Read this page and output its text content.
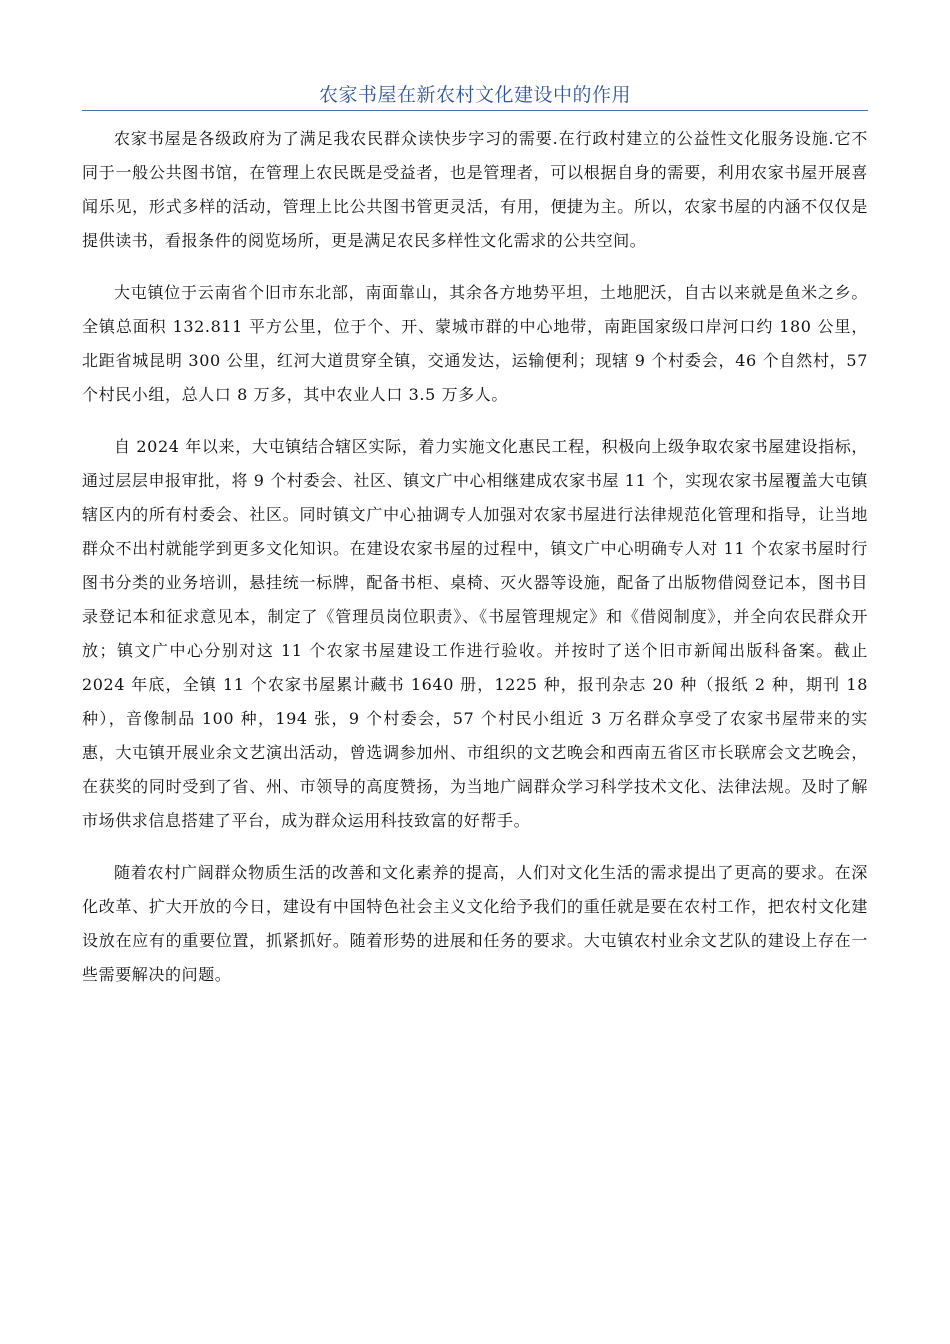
农家书屋在新农村文化建设中的作用

农家书屋是各级政府为了满足我农民群众读快步字习的需要.在行政村建立的公益性文化服务设施.它不同于一般公共图书馆，在管理上农民既是受益者，也是管理者，可以根据自身的需要，利用农家书屋开展喜闻乐见，形式多样的活动，管理上比公共图书管更灵活，有用，便捷为主。所以，农家书屋的内涵不仅仅是提供读书，看报条件的阅览场所，更是满足农民多样性文化需求的公共空间。

大屯镇位于云南省个旧市东北部，南面靠山，其余各方地势平坦，土地肥沃，自古以来就是鱼米之乡。全镇总面积 132.811 平方公里，位于个、开、蒙城市群的中心地带，南距国家级口岸河口约 180 公里，北距省城昆明 300 公里，红河大道贯穿全镇，交通发达，运输便利；现辖 9 个村委会，46 个自然村，57 个村民小组，总人口 8 万多，其中农业人口 3.5 万多人。

自 2024 年以来，大屯镇结合辖区实际，着力实施文化惠民工程，积极向上级争取农家书屋建设指标，通过层层申报审批，将 9 个村委会、社区、镇文广中心相继建成农家书屋 11 个，实现农家书屋覆盖大屯镇辖区内的所有村委会、社区。同时镇文广中心抽调专人加强对农家书屋进行法律规范化管理和指导，让当地群众不出村就能学到更多文化知识。在建设农家书屋的过程中，镇文广中心明确专人对 11 个农家书屋时行图书分类的业务培训，悬挂统一标牌，配备书柜、桌椅、灭火器等设施，配备了出版物借阅登记本，图书目录登记本和征求意见本，制定了《管理员岗位职责》、《书屋管理规定》和《借阅制度》，并全向农民群众开放；镇文广中心分别对这 11 个农家书屋建设工作进行验收。并按时了送个旧市新闻出版科备案。截止 2024 年底，全镇 11 个农家书屋累计藏书 1640 册，1225 种，报刊杂志 20 种（报纸 2 种，期刊 18 种），音像制品 100 种，194 张，9 个村委会，57 个村民小组近 3 万名群众享受了农家书屋带来的实惠，大屯镇开展业余文艺演出活动，曾选调参加州、市组织的文艺晚会和西南五省区市长联席会文艺晚会，在获奖的同时受到了省、州、市领导的高度赞扬，为当地广阔群众学习科学技术文化、法律法规。及时了解市场供求信息搭建了平台，成为群众运用科技致富的好帮手。

随着农村广阔群众物质生活的改善和文化素养的提高，人们对文化生活的需求提出了更高的要求。在深化改革、扩大开放的今日，建设有中国特色社会主义文化给予我们的重任就是要在农村工作，把农村文化建设放在应有的重要位置，抓紧抓好。随着形势的进展和任务的要求。大屯镇农村业余文艺队的建设上存在一些需要解决的问题。
